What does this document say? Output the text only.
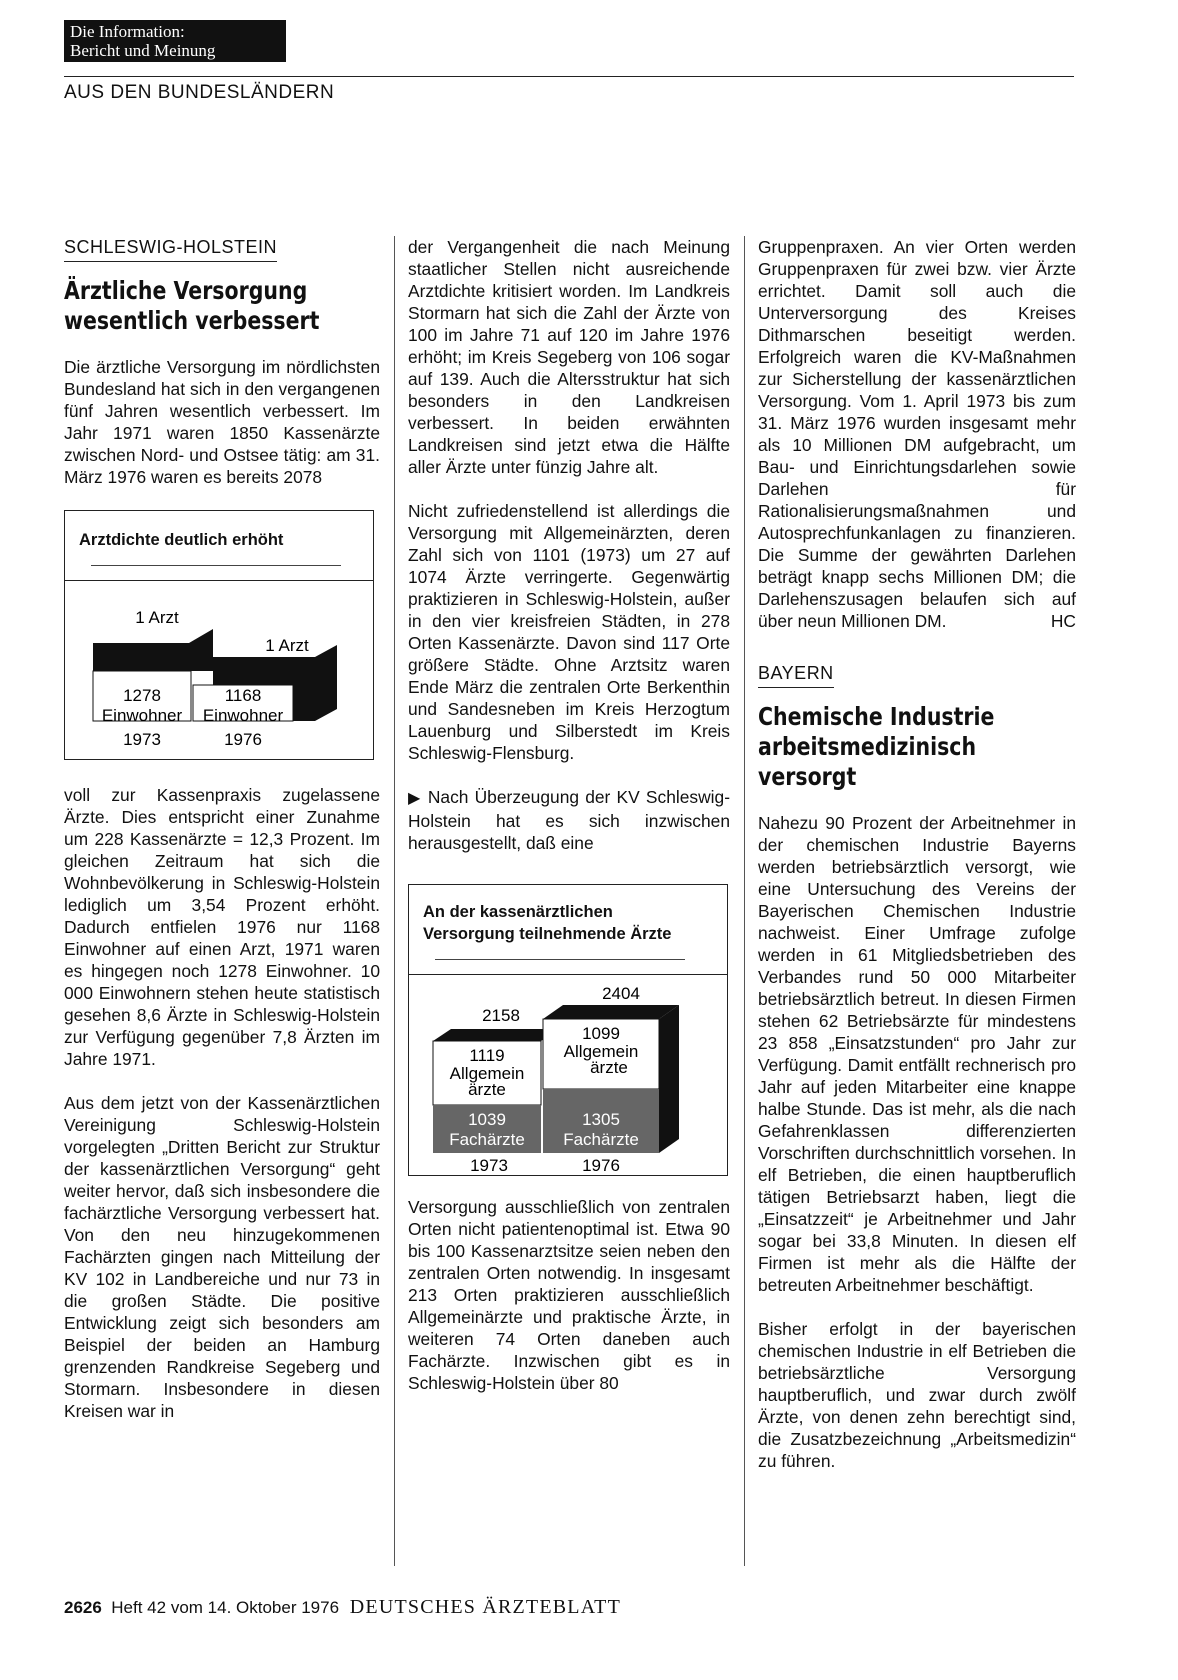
Die Information:
Bericht und Meinung
AUS DEN BUNDESLÄNDERN
SCHLESWIG-HOLSTEIN
Ärztliche Versorgung
wesentlich verbessert

Die ärztliche Versorgung im nördlichsten Bundesland hat sich in den vergangenen fünf Jahren wesentlich verbessert. Im Jahr 1971 waren 1850 Kassenärzte zwischen Nord- und Ostsee tätig: am 31. März 1976 waren es bereits 2078

Arztdichte deutlich erhöht
1 Arzt
1 Arzt
1278
Einwohner
1168
Einwohner
1973	1976

voll zur Kassenpraxis zugelassene Ärzte. Dies entspricht einer Zunahme um 228 Kassenärzte = 12,3 Prozent. Im gleichen Zeitraum hat sich die Wohnbevölkerung in Schleswig-Holstein lediglich um 3,54 Prozent erhöht. Dadurch entfielen 1976 nur 1168 Einwohner auf einen Arzt, 1971 waren es hingegen noch 1278 Einwohner. 10 000 Einwohnern stehen heute statistisch gesehen 8,6 Ärzte in Schleswig-Holstein zur Verfügung gegenüber 7,8 Ärzten im Jahre 1971.

Aus dem jetzt von der Kassenärztlichen Vereinigung Schleswig-Holstein vorgelegten „Dritten Bericht zur Struktur der kassenärztlichen Versorgung“ geht weiter hervor, daß sich insbesondere die fachärztliche Versorgung verbessert hat. Von den neu hinzugekommenen Fachärzten gingen nach Mitteilung der KV 102 in Landbereiche und nur 73 in die großen Städte. Die positive Entwicklung zeigt sich besonders am Beispiel der beiden an Hamburg grenzenden Randkreise Segeberg und Stormarn. Insbesondere in diesen Kreisen war in

der Vergangenheit die nach Meinung staatlicher Stellen nicht ausreichende Arztdichte kritisiert worden. Im Landkreis Stormarn hat sich die Zahl der Ärzte von 100 im Jahre 71 auf 120 im Jahre 1976 erhöht; im Kreis Segeberg von 106 sogar auf 139. Auch die Altersstruktur hat sich besonders in den Landkreisen verbessert. In beiden erwähnten Landkreisen sind jetzt etwa die Hälfte aller Ärzte unter fünzig Jahre alt.

Nicht zufriedenstellend ist allerdings die Versorgung mit Allgemeinärzten, deren Zahl sich von 1101 (1973) um 27 auf 1074 Ärzte verringerte. Gegenwärtig praktizieren in Schleswig-Holstein, außer in den vier kreisfreien Städten, in 278 Orten Kassenärzte. Davon sind 117 Orte größere Städte. Ohne Arztsitz waren Ende März die zentralen Orte Berkenthin und Sandesneben im Kreis Herzogtum Lauenburg und Silberstedt im Kreis Schleswig-Flensburg.

▶ Nach Überzeugung der KV Schleswig-Holstein hat es sich inzwischen herausgestellt, daß eine

An der kassenärztlichen
Versorgung teilnehmende Ärzte
2158
2404
1119
Allgemein
ärzte
1099
Allgemein
ärzte
1039
Fachärzte
1305
Fachärzte
1973	1976

Versorgung ausschließlich von zentralen Orten nicht patientenoptimal ist. Etwa 90 bis 100 Kassenarztsitze seien neben den zentralen Orten notwendig. In insgesamt 213 Orten praktizieren ausschließlich Allgemeinärzte und praktische Ärzte, in weiteren 74 Orten daneben auch Fachärzte. Inzwischen gibt es in Schleswig-Holstein über 80

Gruppenpraxen. An vier Orten werden Gruppenpraxen für zwei bzw. vier Ärzte errichtet. Damit soll auch die Unterversorgung des Kreises Dithmarschen beseitigt werden. Erfolgreich waren die KV-Maßnahmen zur Sicherstellung der kassenärztlichen Versorgung. Vom 1. April 1973 bis zum 31. März 1976 wurden insgesamt mehr als 10 Millionen DM aufgebracht, um Bau- und Einrichtungsdarlehen sowie Darlehen für Rationalisierungsmaßnahmen und Autosprechfunkanlagen zu finanzieren. Die Summe der gewährten Darlehen beträgt knapp sechs Millionen DM; die Darlehenszusagen belaufen sich auf über neun Millionen DM.	HC

BAYERN
Chemische Industrie
arbeitsmedizinisch
versorgt

Nahezu 90 Prozent der Arbeitnehmer in der chemischen Industrie Bayerns werden betriebsärztlich versorgt, wie eine Untersuchung des Vereins der Bayerischen Chemischen Industrie nachweist. Einer Umfrage zufolge werden in 61 Mitgliedsbetrieben des Verbandes rund 50 000 Mitarbeiter betriebsärztlich betreut. In diesen Firmen stehen 62 Betriebsärzte für mindestens 23 858 „Einsatzstunden“ pro Jahr zur Verfügung. Damit entfällt rechnerisch pro Jahr auf jeden Mitarbeiter eine knappe halbe Stunde. Das ist mehr, als die nach Gefahrenklassen differenzierten Vorschriften durchschnittlich vorsehen. In elf Betrieben, die einen hauptberuflich tätigen Betriebsarzt haben, liegt die „Einsatzzeit“ je Arbeitnehmer und Jahr sogar bei 33,8 Minuten. In diesen elf Firmen ist mehr als die Hälfte der betreuten Arbeitnehmer beschäftigt.

Bisher erfolgt in der bayerischen chemischen Industrie in elf Betrieben die betriebsärztliche Versorgung hauptberuflich, und zwar durch zwölf Ärzte, von denen zehn berechtigt sind, die Zusatzbezeichnung „Arbeitsmedizin“ zu führen.

2626 Heft 42 vom 14. Oktober 1976 DEUTSCHES ÄRZTEBLATT
